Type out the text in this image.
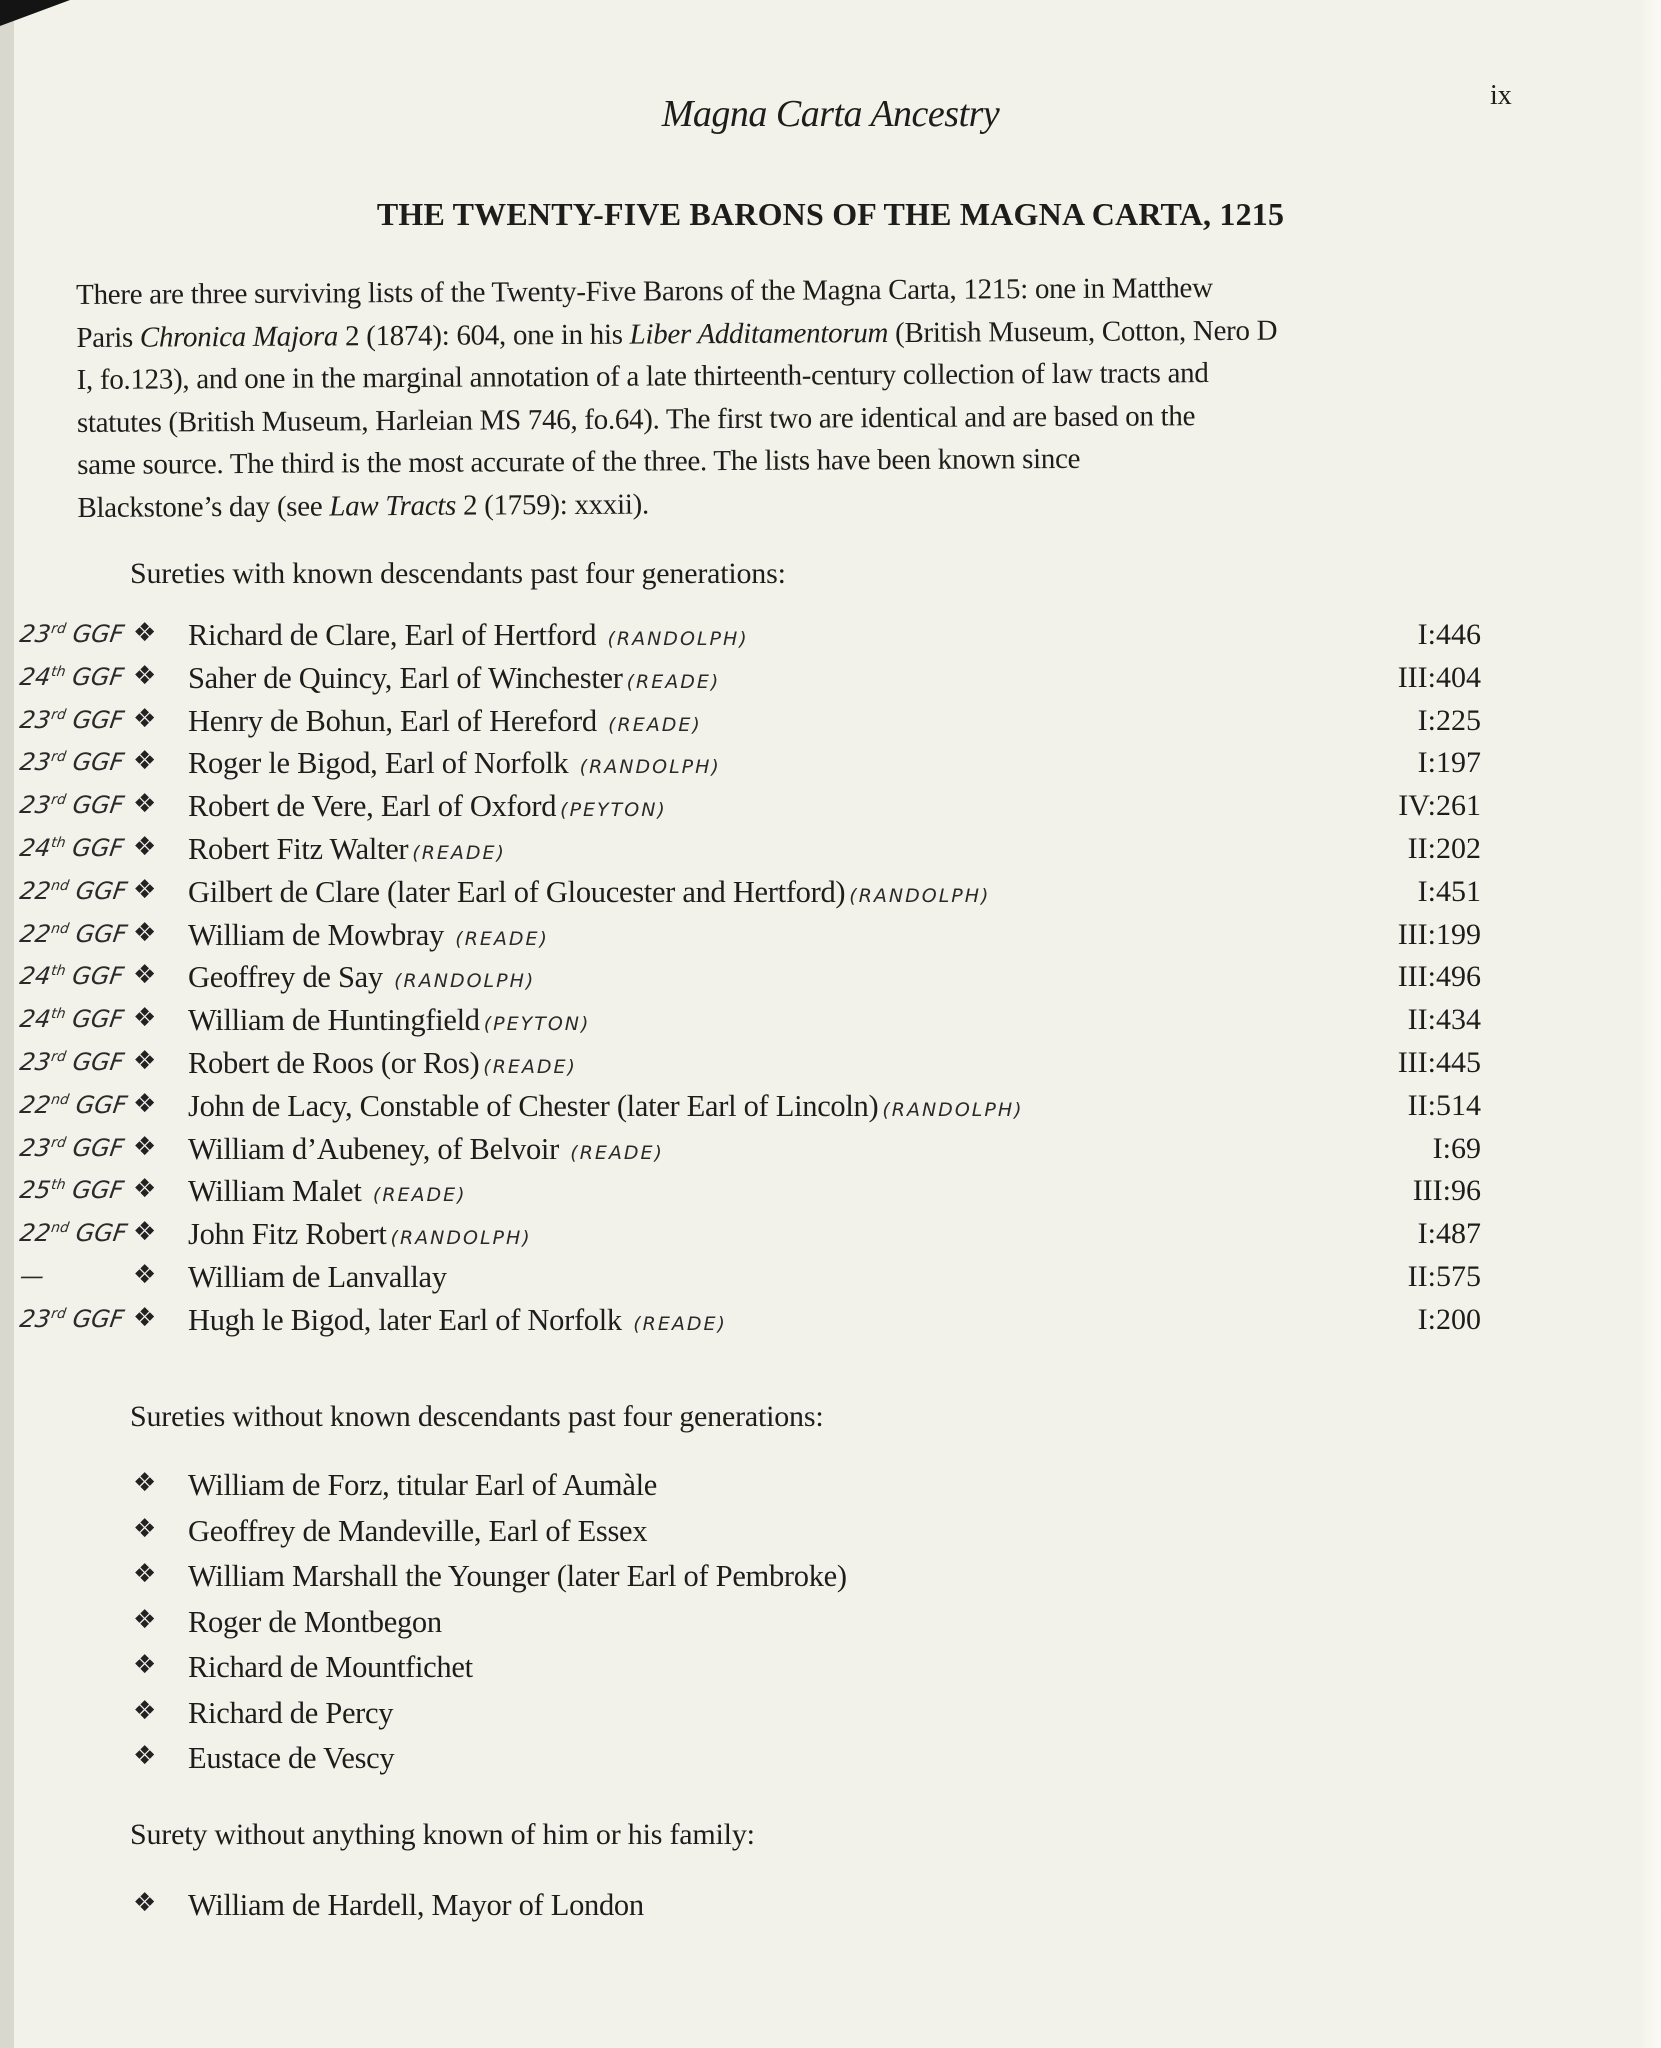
Magna Carta Ancestry	ix
THE TWENTY-FIVE BARONS OF THE MAGNA CARTA, 1215
There are three surviving lists of the Twenty-Five Barons of the Magna Carta, 1215: one in Matthew
Paris Chronica Majora 2 (1874): 604, one in his Liber Additamentorum (British Museum, Cotton, Nero D
I, fo.123), and one in the marginal annotation of a late thirteenth-century collection of law tracts and
statutes (British Museum, Harleian MS 746, fo.64). The first two are identical and are based on the
same source. The third is the most accurate of the three. The lists have been known since
Blackstone’s day (see Law Tracts 2 (1759): xxxii).
Sureties with known descendants past four generations:
23rd GGF ❖ Richard de Clare, Earl of Hertford (RANDOLPH)	I:446
24th GGF ❖ Saher de Quincy, Earl of Winchester (READE)	III:404
23rd GGF ❖ Henry de Bohun, Earl of Hereford (READE)	I:225
23rd GGF ❖ Roger le Bigod, Earl of Norfolk (RANDOLPH)	I:197
23rd GGF ❖ Robert de Vere, Earl of Oxford (PEYTON)	IV:261
24th GGF ❖ Robert Fitz Walter (READE)	II:202
22nd GGF ❖ Gilbert de Clare (later Earl of Gloucester and Hertford) (RANDOLPH)	I:451
22nd GGF ❖ William de Mowbray (READE)	III:199
24th GGF ❖ Geoffrey de Say (RANDOLPH)	III:496
24th GGF ❖ William de Huntingfield (PEYTON)	II:434
23rd GGF ❖ Robert de Roos (or Ros) (READE)	III:445
22nd GGF ❖ John de Lacy, Constable of Chester (later Earl of Lincoln) (RANDOLPH)	II:514
23rd GGF ❖ William d’Aubeney, of Belvoir (READE)	I:69
25th GGF ❖ William Malet (READE)	III:96
22nd GGF ❖ John Fitz Robert (RANDOLPH)	I:487
—	❖ William de Lanvallay	II:575
23rd GGF ❖ Hugh le Bigod, later Earl of Norfolk (READE)	I:200
Sureties without known descendants past four generations:
❖ William de Forz, titular Earl of Aumàle
❖ Geoffrey de Mandeville, Earl of Essex
❖ William Marshall the Younger (later Earl of Pembroke)
❖ Roger de Montbegon
❖ Richard de Mountfichet
❖ Richard de Percy
❖ Eustace de Vescy
Surety without anything known of him or his family:
❖ William de Hardell, Mayor of London
